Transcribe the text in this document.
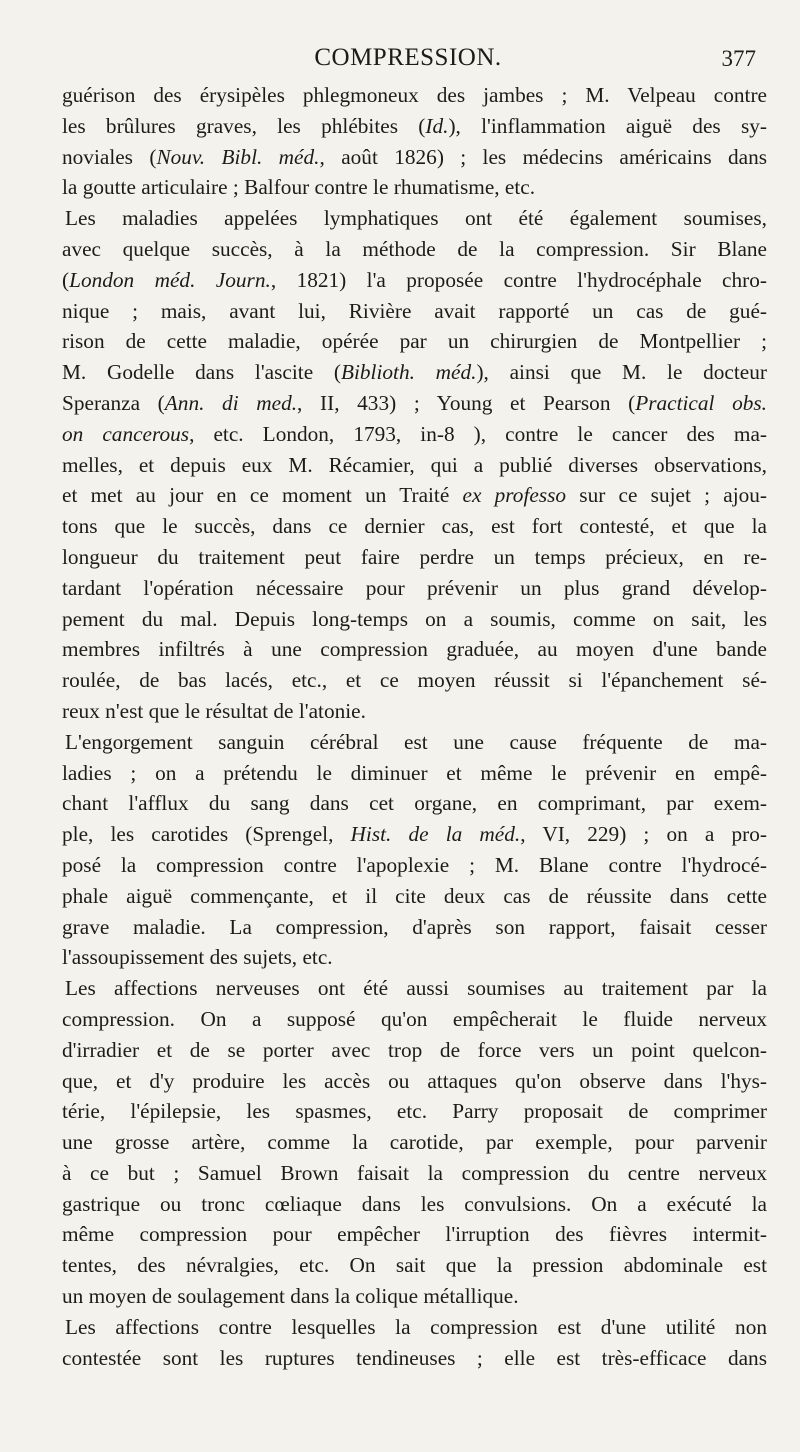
COMPRESSION.	377

guérison des érysipèles phlegmoneux des jambes ; M. Velpeau contre
les brûlures graves, les phlébites (Id.), l'inflammation aiguë des sy-
noviales (Nouv. Bibl. méd., août 1826) ; les médecins américains dans
la goutte articulaire ; Balfour contre le rhumatisme, etc.

Les maladies appelées lymphatiques ont été également soumises,
avec quelque succès, à la méthode de la compression. Sir Blane
(London méd. Journ., 1821) l'a proposée contre l'hydrocéphale chro-
nique ; mais, avant lui, Rivière avait rapporté un cas de gué-
rison de cette maladie, opérée par un chirurgien de Montpellier ;
M. Godelle dans l'ascite (Biblioth. méd.), ainsi que M. le docteur
Speranza (Ann. di med., II, 433) ; Young et Pearson (Practical obs.
on cancerous, etc. London, 1793, in-8 ), contre le cancer des ma-
melles, et depuis eux M. Récamier, qui a publié diverses observations,
et met au jour en ce moment un Traité ex professo sur ce sujet ; ajou-
tons que le succès, dans ce dernier cas, est fort contesté, et que la
longueur du traitement peut faire perdre un temps précieux, en re-
tardant l'opération nécessaire pour prévenir un plus grand dévelop-
pement du mal. Depuis long-temps on a soumis, comme on sait, les
membres infiltrés à une compression graduée, au moyen d'une bande
roulée, de bas lacés, etc., et ce moyen réussit si l'épanchement sé-
reux n'est que le résultat de l'atonie.

L'engorgement sanguin cérébral est une cause fréquente de ma-
ladies ; on a prétendu le diminuer et même le prévenir en empê-
chant l'afflux du sang dans cet organe, en comprimant, par exem-
ple, les carotides (Sprengel, Hist. de la méd., VI, 229) ; on a pro-
posé la compression contre l'apoplexie ; M. Blane contre l'hydrocé-
phale aiguë commençante, et il cite deux cas de réussite dans cette
grave maladie. La compression, d'après son rapport, faisait cesser
l'assoupissement des sujets, etc.

Les affections nerveuses ont été aussi soumises au traitement par la
compression. On a supposé qu'on empêcherait le fluide nerveux
d'irradier et de se porter avec trop de force vers un point quelcon-
que, et d'y produire les accès ou attaques qu'on observe dans l'hys-
térie, l'épilepsie, les spasmes, etc. Parry proposait de comprimer
une grosse artère, comme la carotide, par exemple, pour parvenir
à ce but ; Samuel Brown faisait la compression du centre nerveux
gastrique ou tronc cœliaque dans les convulsions. On a exécuté la
même compression pour empêcher l'irruption des fièvres intermit-
tentes, des névralgies, etc. On sait que la pression abdominale est
un moyen de soulagement dans la colique métallique.

Les affections contre lesquelles la compression est d'une utilité non
contestée sont les ruptures tendineuses ; elle est très-efficace dans
